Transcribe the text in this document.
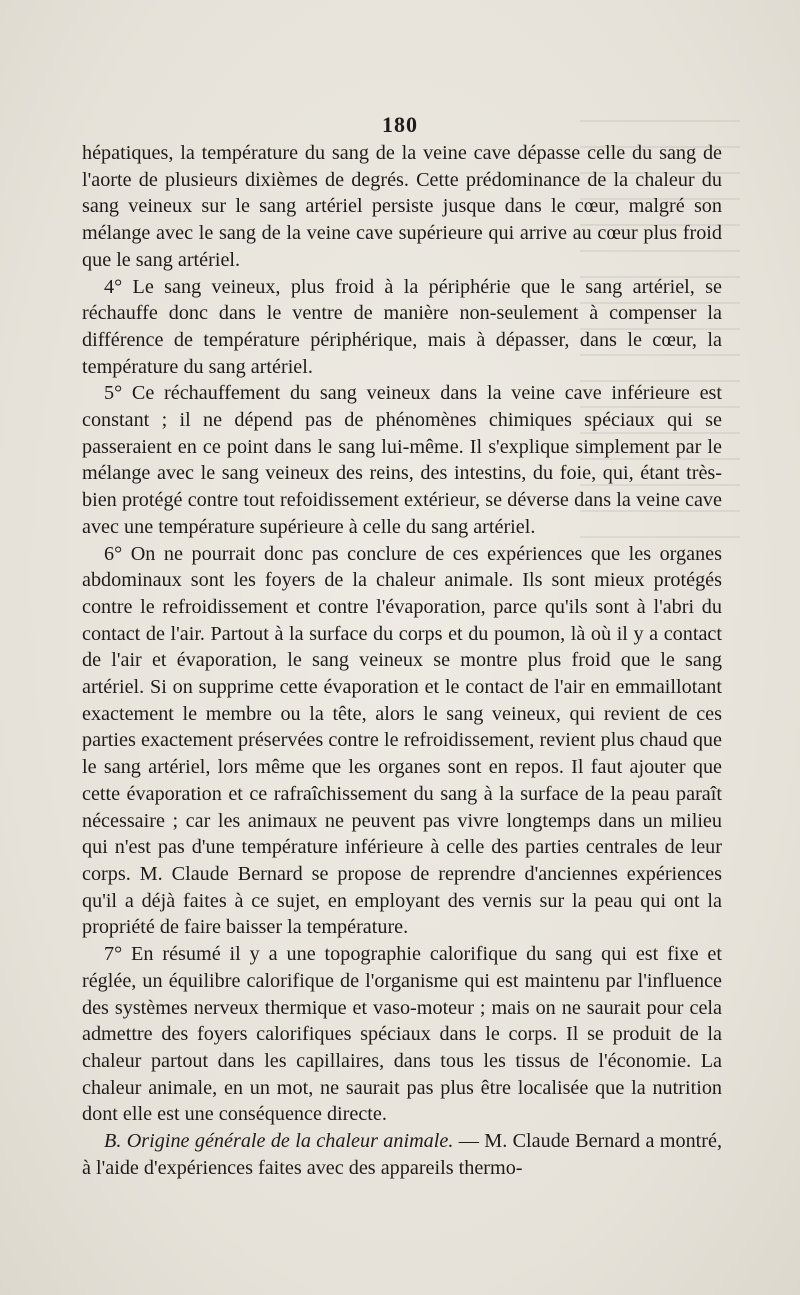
180

hépatiques, la température du sang de la veine cave dépasse celle du sang de l'aorte de plusieurs dixièmes de degrés. Cette prédominance de la chaleur du sang veineux sur le sang artériel persiste jusque dans le cœur, malgré son mélange avec le sang de la veine cave supérieure qui arrive au cœur plus froid que le sang artériel.

4° Le sang veineux, plus froid à la périphérie que le sang artériel, se réchauffe donc dans le ventre de manière non-seulement à compenser la différence de température périphérique, mais à dépasser, dans le cœur, la température du sang artériel.

5° Ce réchauffement du sang veineux dans la veine cave inférieure est constant ; il ne dépend pas de phénomènes chimiques spéciaux qui se passeraient en ce point dans le sang lui-même. Il s'explique simplement par le mélange avec le sang veineux des reins, des intestins, du foie, qui, étant très-bien protégé contre tout refoidissement extérieur, se déverse dans la veine cave avec une température supérieure à celle du sang artériel.

6° On ne pourrait donc pas conclure de ces expériences que les organes abdominaux sont les foyers de la chaleur animale. Ils sont mieux protégés contre le refroidissement et contre l'évaporation, parce qu'ils sont à l'abri du contact de l'air. Partout à la surface du corps et du poumon, là où il y a contact de l'air et évaporation, le sang veineux se montre plus froid que le sang artériel. Si on supprime cette évaporation et le contact de l'air en emmaillotant exactement le membre ou la tête, alors le sang veineux, qui revient de ces parties exactement préservées contre le refroidissement, revient plus chaud que le sang artériel, lors même que les organes sont en repos. Il faut ajouter que cette évaporation et ce rafraîchissement du sang à la surface de la peau paraît nécessaire ; car les animaux ne peuvent pas vivre longtemps dans un milieu qui n'est pas d'une température inférieure à celle des parties centrales de leur corps. M. Claude Bernard se propose de reprendre d'anciennes expériences qu'il a déjà faites à ce sujet, en employant des vernis sur la peau qui ont la propriété de faire baisser la température.

7° En résumé il y a une topographie calorifique du sang qui est fixe et réglée, un équilibre calorifique de l'organisme qui est maintenu par l'influence des systèmes nerveux thermique et vaso-moteur ; mais on ne saurait pour cela admettre des foyers calorifiques spéciaux dans le corps. Il se produit de la chaleur partout dans les capillaires, dans tous les tissus de l'économie. La chaleur animale, en un mot, ne saurait pas plus être localisée que la nutrition dont elle est une conséquence directe.

B. Origine générale de la chaleur animale. — M. Claude Bernard a montré, à l'aide d'expériences faites avec des appareils thermo-
